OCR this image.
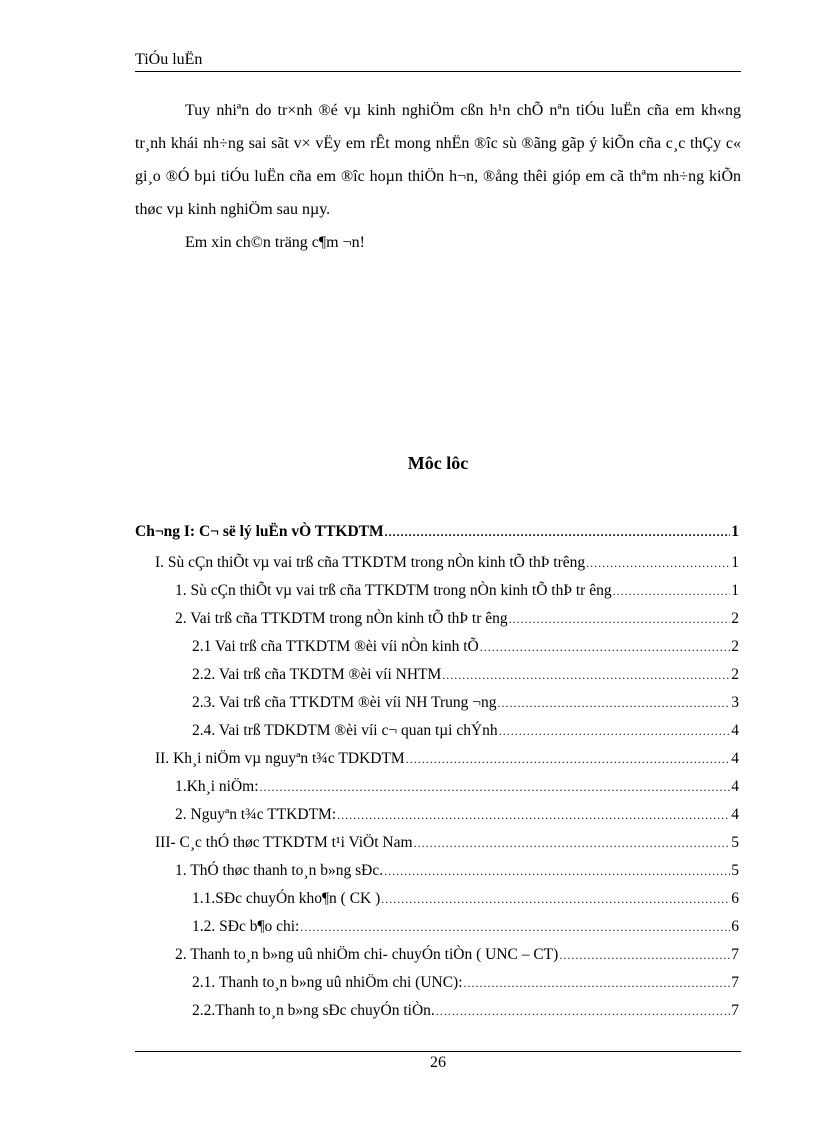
TiÓu luËn

Tuy nhiªn do tr×nh ®é vµ kinh nghiÖm cßn h¹n chÕ nªn tiÓu luËn cña em kh«ng tr¸nh khái nh÷ng sai sãt v× vËy em rÊt mong nhËn ®îc sù ®ãng gãp ý kiÕn cña c¸c thÇy c« gi¸o ®Ó bµi tiÓu luËn cña em ®îc hoµn thiÖn h¬n, ®ång thêi gióp em cã thªm nh÷ng kiÕn thøc vµ kinh nghiÖm sau nµy.

Em xin ch©n träng c¶m ¬n!

Môc lôc
Ch¬ng I: C¬ së lý luËn vÒ TTKDTM .....	1
I. Sù cÇn thiÕt vµ vai trß cña TTKDTM trong nÒn kinh tÕ thÞ trêng .....	1
1. Sù cÇn thiÕt vµ vai trß cña TTKDTM trong nÒn kinh tÕ thÞ tr êng .....	1
2. Vai trß cña TTKDTM trong nÒn kinh tÕ thÞ tr êng .....	2
2.1 Vai trß cña TTKDTM ®èi víi nÒn kinh tÕ .....	2
2.2. Vai trß cña TKDTM ®èi víi NHTM .....	2
2.3. Vai trß cña TTKDTM ®èi víi NH Trung ¬ng .....	3
2.4. Vai trß TDKDTM ®èi víi c¬ quan tµi chÝnh .....	4
II. Kh¸i niÖm vµ nguyªn t¾c TDKDTM .....	4
1.Kh¸i niÖm: .....	4
2. Nguyªn t¾c TTKDTM: .....	4
III- C¸c thÓ thøc TTKDTM t¹i ViÖt Nam .....	5
1. ThÓ thøc thanh to¸n b»ng sÐc. .....	5
1.1.SÐc chuyÓn kho¶n ( CK ) .....	6
1.2. SÐc b¶o chi: .....	6
2. Thanh to¸n b»ng uû nhiÖm chi- chuyÓn tiÒn ( UNC – CT) .....	7
2.1. Thanh to¸n b»ng uû nhiÖm chi (UNC): .....	7
2.2.Thanh to¸n b»ng sÐc chuyÓn tiÒn. .....	7
26
